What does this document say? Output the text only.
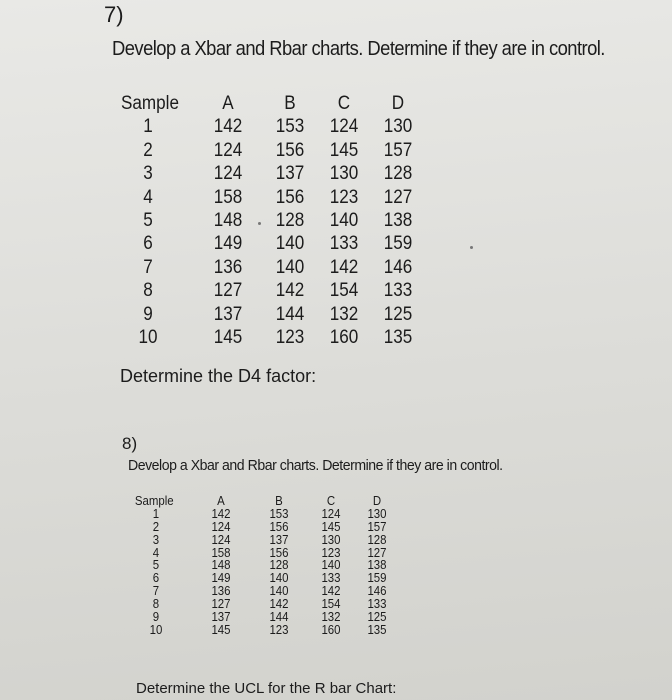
7)
Develop a Xbar and Rbar charts. Determine if they are in control.
Sample	A	B	C	D
1	142 153 124 130
2	124 156 145 157
3	124 137 130 128
4	158 156 123 127
5	148 128 140 138
6	149 140 133 159
7	136 140 142 146
8	127 142 154 133
9	137 144 132 125
10	145 123 160 135
Determine the D4 factor:
8)
Develop a Xbar and Rbar charts. Determine if they are in control.
Sample	A	B	C	D
1	142	153	124 130
2	124	156	145 157
3	124	137	130 128
4	158	156	123 127
5	148	128	140 138
6	149	140	133 159
7	136	140	142 146
8	127	142	154 133
9	137	144	132 125
10	145	123	160 135
Determine the UCL for the R bar Chart:
